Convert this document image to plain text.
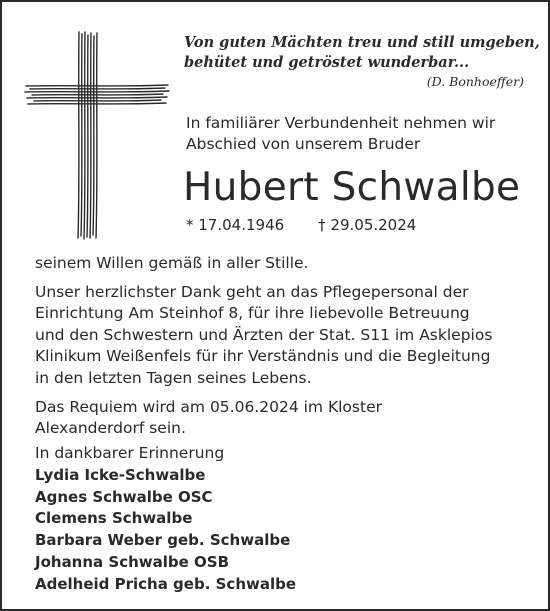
Von guten Mächten treu und still umgeben,
behütet und getröstet wunderbar...
(D. Bonhoeffer)
In familiärer Verbundenheit nehmen wir
Abschied von unserem Bruder
Hubert Schwalbe
* 17.04.1946 † 29.05.2024

seinem Willen gemäß in aller Stille.

Unser herzlichster Dank geht an das Pflegepersonal der
Einrichtung Am Steinhof 8, für ihre liebevolle Betreuung
und den Schwestern und Ärzten der Stat. S11 im Asklepios
Klinikum Weißenfels für ihr Verständnis und die Begleitung
in den letzten Tagen seines Lebens.

Das Requiem wird am 05.06.2024 im Kloster
Alexanderdorf sein.

In dankbarer Erinnerung
Lydia Icke-Schwalbe
Agnes Schwalbe OSC
Clemens Schwalbe
Barbara Weber geb. Schwalbe
Johanna Schwalbe OSB
Adelheid Pricha geb. Schwalbe
